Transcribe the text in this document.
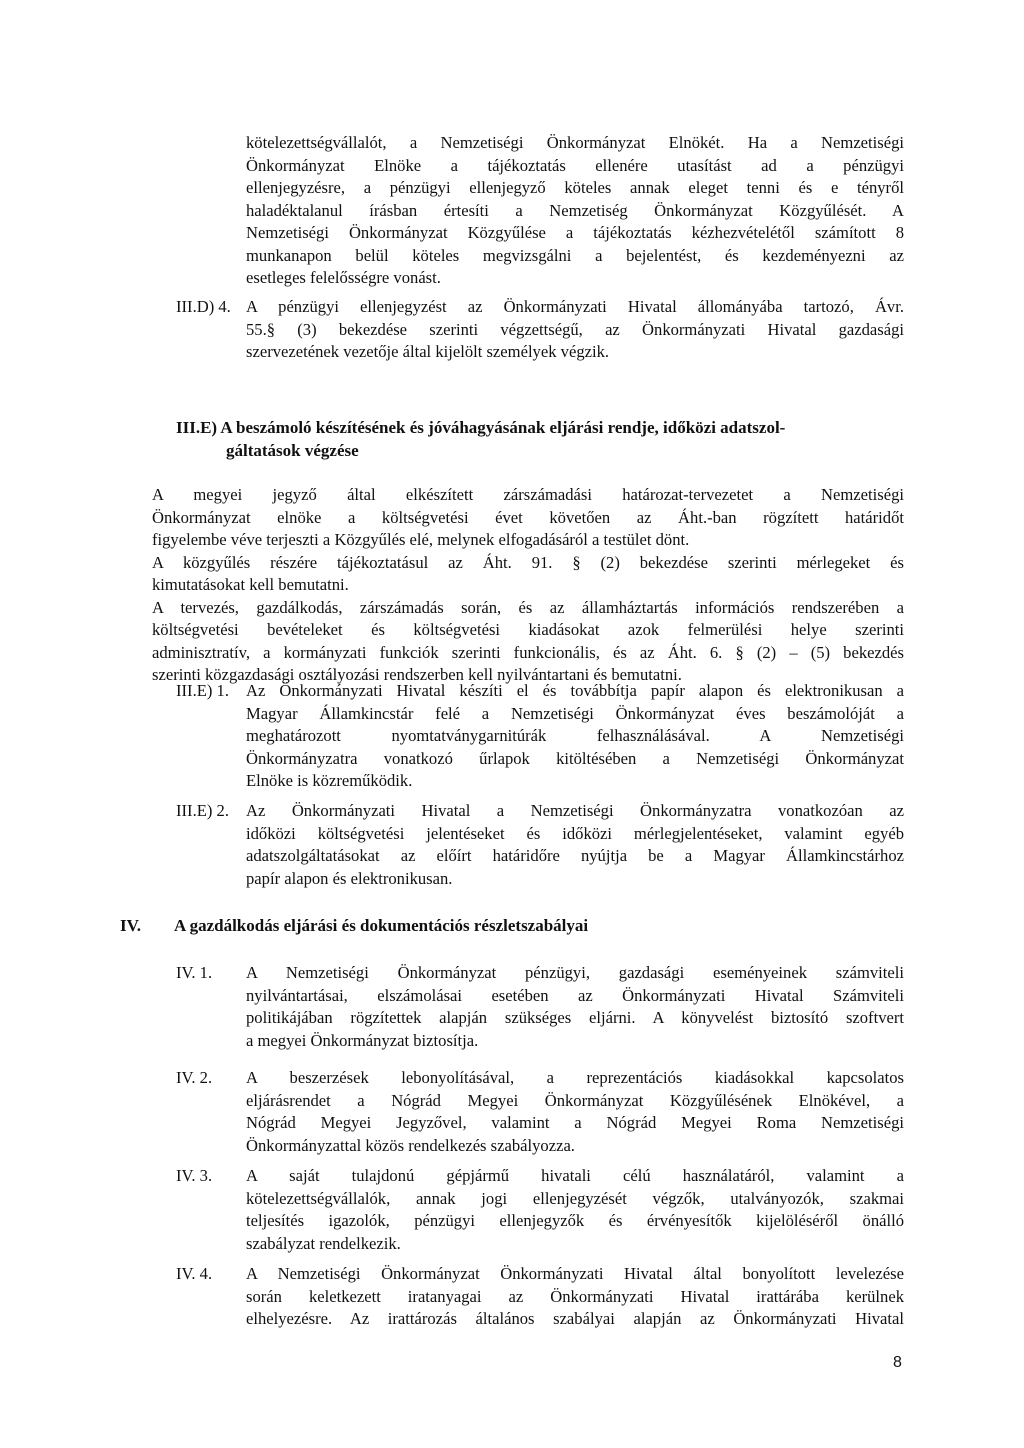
kötelezettségvállalót, a Nemzetiségi Önkormányzat Elnökét. Ha a Nemzetiségi
Önkormányzat Elnöke a tájékoztatás ellenére utasítást ad a pénzügyi
ellenjegyzésre, a pénzügyi ellenjegyző köteles annak eleget tenni és e tényről
haladéktalanul írásban értesíti a Nemzetiség Önkormányzat Közgyűlését. A
Nemzetiségi Önkormányzat Közgyűlése a tájékoztatás kézhezvételétől számított 8
munkanapon belül köteles megvizsgálni a bejelentést, és kezdeményezni az
esetleges felelősségre vonást.
III.D) 4. A pénzügyi ellenjegyzést az Önkormányzati Hivatal állományába tartozó, Ávr.
55.§ (3) bekezdése szerinti végzettségű, az Önkormányzati Hivatal gazdasági
szervezetének vezetője által kijelölt személyek végzik.
III.E) A beszámoló készítésének és jóváhagyásának eljárási rendje, időközi adatszol-
gáltatások végzése
A megyei jegyző által elkészített zárszámadási határozat-tervezetet a Nemzetiségi
Önkormányzat elnöke a költségvetési évet követően az Áht.-ban rögzített határidőt
figyelembe véve terjeszti a Közgyűlés elé, melynek elfogadásáról a testület dönt.
A közgyűlés részére tájékoztatásul az Áht. 91. § (2) bekezdése szerinti mérlegeket és
kimutatásokat kell bemutatni.
A tervezés, gazdálkodás, zárszámadás során, és az államháztartás információs rendszerében a
költségvetési bevételeket és költségvetési kiadásokat azok felmerülési helye szerinti
adminisztratív, a kormányzati funkciók szerinti funkcionális, és az Áht. 6. § (2) – (5) bekezdés
szerinti közgazdasági osztályozási rendszerben kell nyilvántartani és bemutatni.
III.E) 1. Az Önkormányzati Hivatal készíti el és továbbítja papír alapon és elektronikusan a
Magyar Államkincstár felé a Nemzetiségi Önkormányzat éves beszámolóját a
meghatározott nyomtatványgarnitúrák felhasználásával. A Nemzetiségi
Önkormányzatra vonatkozó űrlapok kitöltésében a Nemzetiségi Önkormányzat
Elnöke is közreműködik.
III.E) 2. Az Önkormányzati Hivatal a Nemzetiségi Önkormányzatra vonatkozóan az
időközi költségvetési jelentéseket és időközi mérlegjelentéseket, valamint egyéb
adatszolgáltatásokat az előírt határidőre nyújtja be a Magyar Államkincstárhoz
papír alapon és elektronikusan.
IV. A gazdálkodás eljárási és dokumentációs részletszabályai
IV. 1. A Nemzetiségi Önkormányzat pénzügyi, gazdasági eseményeinek számviteli
nyilvántartásai, elszámolásai esetében az Önkormányzati Hivatal Számviteli
politikájában rögzítettek alapján szükséges eljárni. A könyvelést biztosító szoftvert
a megyei Önkormányzat biztosítja.
IV. 2. A beszerzések lebonyolításával, a reprezentációs kiadásokkal kapcsolatos
eljárásrendet a Nógrád Megyei Önkormányzat Közgyűlésének Elnökével, a
Nógrád Megyei Jegyzővel, valamint a Nógrád Megyei Roma Nemzetiségi
Önkormányzattal közös rendelkezés szabályozza.
IV. 3. A saját tulajdonú gépjármű hivatali célú használatáról, valamint a
kötelezettségvállalók, annak jogi ellenjegyzését végzők, utalványozók, szakmai
teljesítés igazolók, pénzügyi ellenjegyzők és érvényesítők kijelöléséről önálló
szabályzat rendelkezik.
IV. 4. A Nemzetiségi Önkormányzat Önkormányzati Hivatal által bonyolított levelezése
során keletkezett iratanyagai az Önkormányzati Hivatal irattárába kerülnek
elhelyezésre. Az irattározás általános szabályai alapján az Önkormányzati Hivatal
8
